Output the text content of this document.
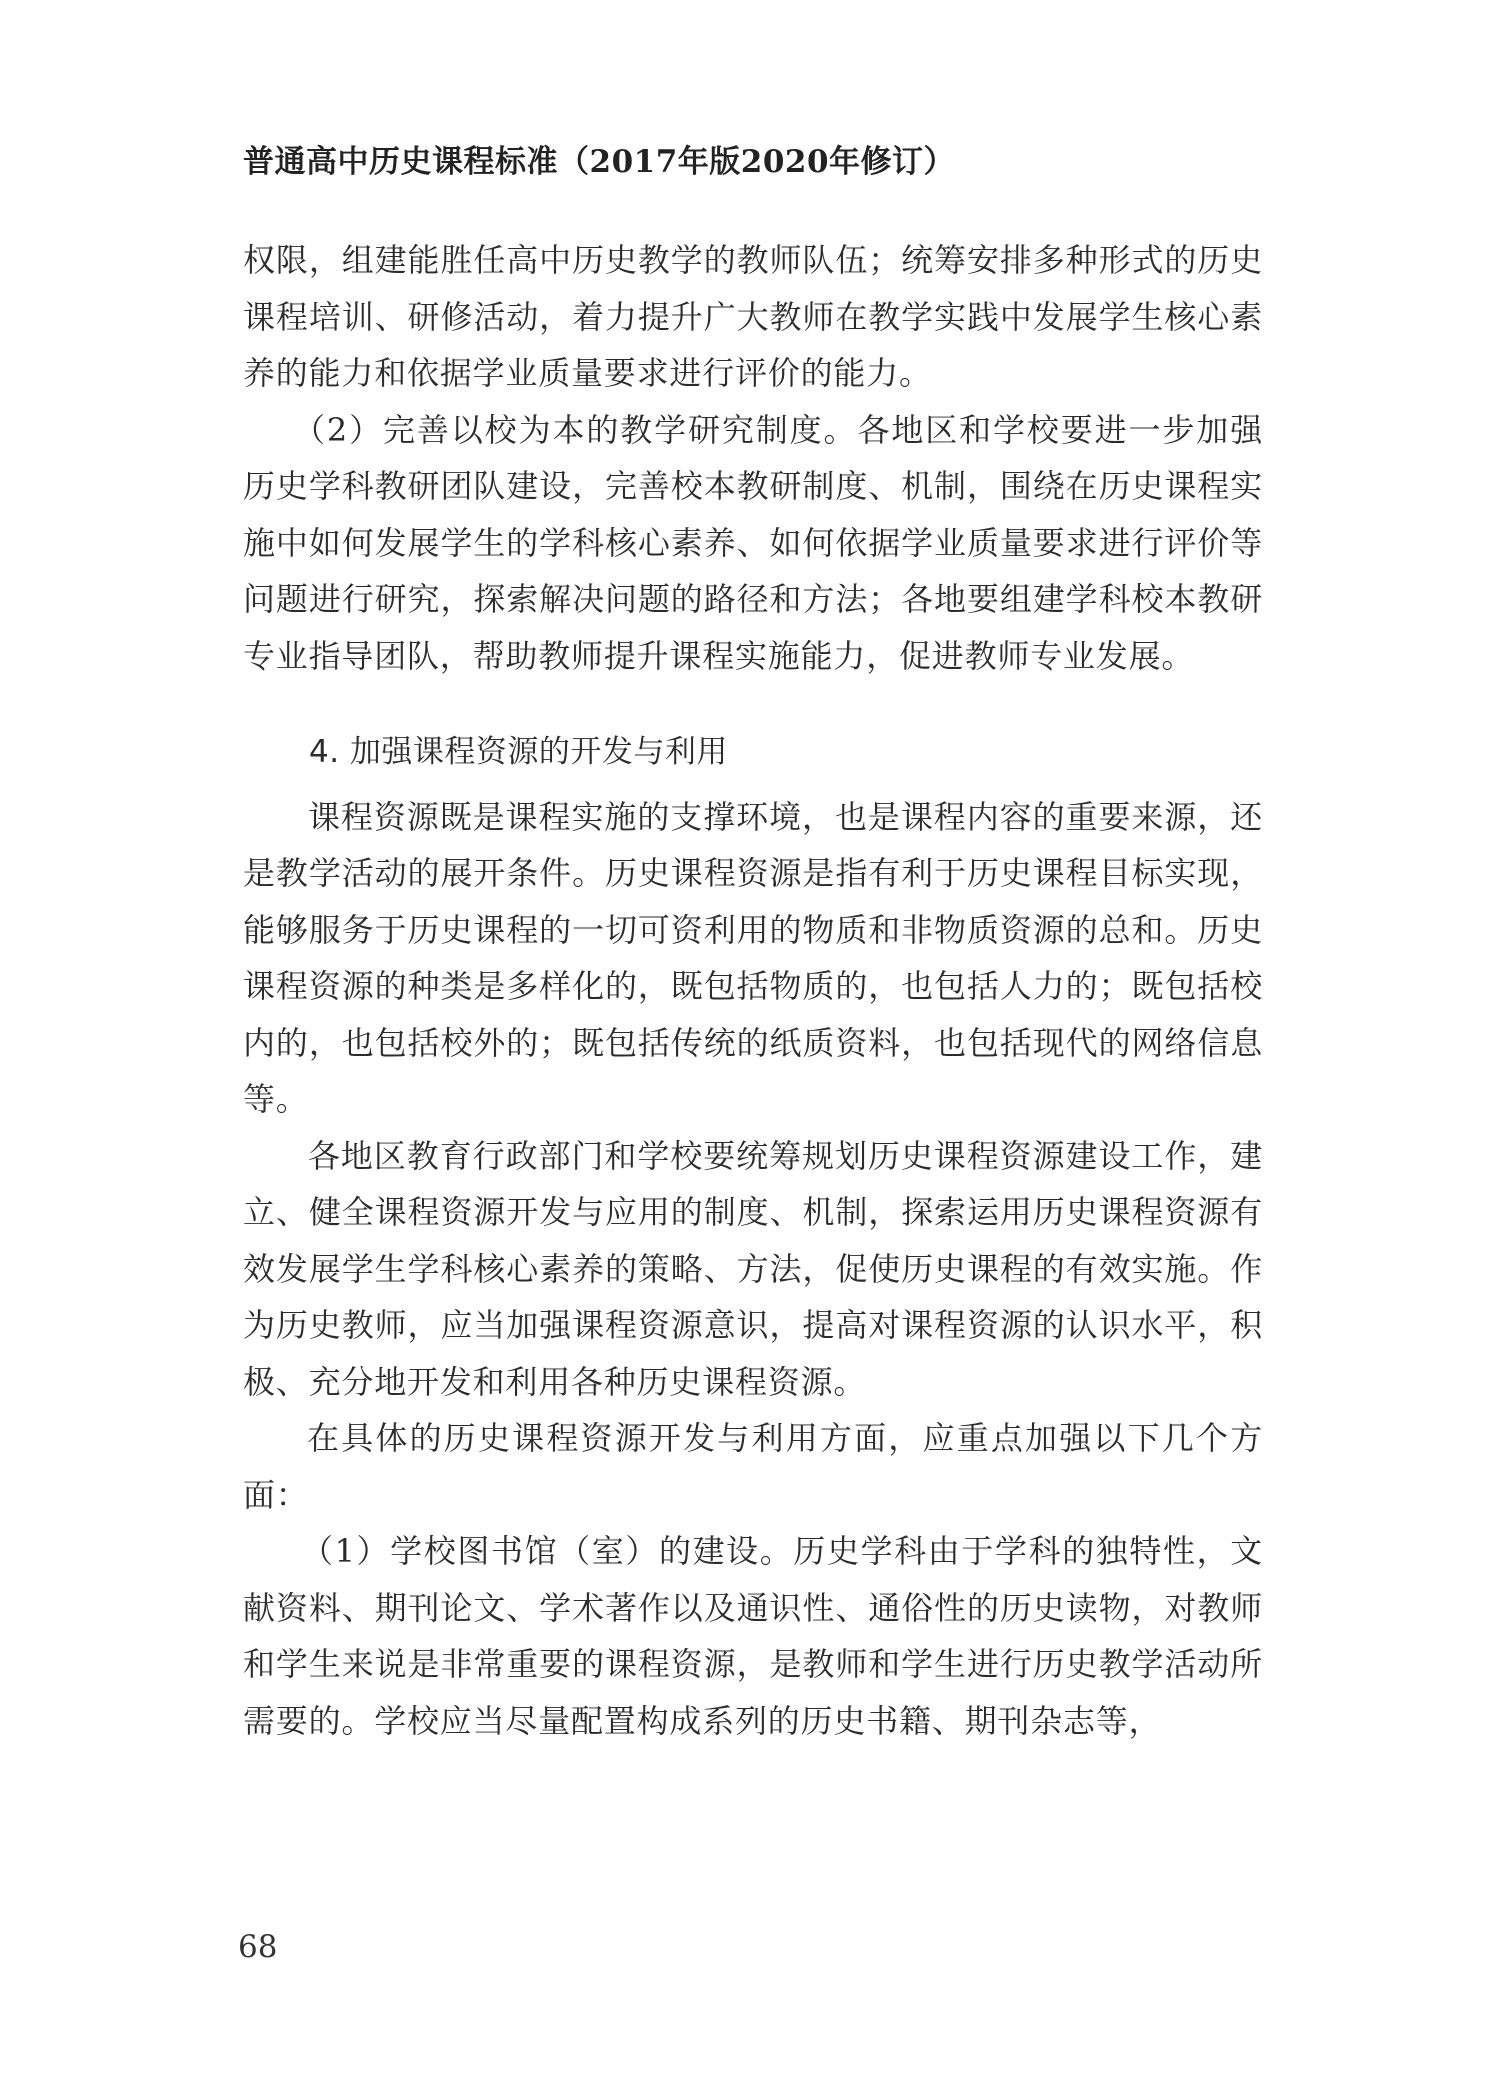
普通高中历史课程标准（2017年版2020年修订）

权限，组建能胜任高中历史教学的教师队伍；统筹安排多种形式的历史课程培训、研修活动，着力提升广大教师在教学实践中发展学生核心素养的能力和依据学业质量要求进行评价的能力。

（2）完善以校为本的教学研究制度。各地区和学校要进一步加强历史学科教研团队建设，完善校本教研制度、机制，围绕在历史课程实施中如何发展学生的学科核心素养、如何依据学业质量要求进行评价等问题进行研究，探索解决问题的路径和方法；各地要组建学科校本教研专业指导团队，帮助教师提升课程实施能力，促进教师专业发展。

4. 加强课程资源的开发与利用

课程资源既是课程实施的支撑环境，也是课程内容的重要来源，还是教学活动的展开条件。历史课程资源是指有利于历史课程目标实现，能够服务于历史课程的一切可资利用的物质和非物质资源的总和。历史课程资源的种类是多样化的，既包括物质的，也包括人力的；既包括校内的，也包括校外的；既包括传统的纸质资料，也包括现代的网络信息等。

各地区教育行政部门和学校要统筹规划历史课程资源建设工作，建立、健全课程资源开发与应用的制度、机制，探索运用历史课程资源有效发展学生学科核心素养的策略、方法，促使历史课程的有效实施。作为历史教师，应当加强课程资源意识，提高对课程资源的认识水平，积极、充分地开发和利用各种历史课程资源。

在具体的历史课程资源开发与利用方面，应重点加强以下几个方面：

（1）学校图书馆（室）的建设。历史学科由于学科的独特性，文献资料、期刊论文、学术著作以及通识性、通俗性的历史读物，对教师和学生来说是非常重要的课程资源，是教师和学生进行历史教学活动所需要的。学校应当尽量配置构成系列的历史书籍、期刊杂志等，

68
